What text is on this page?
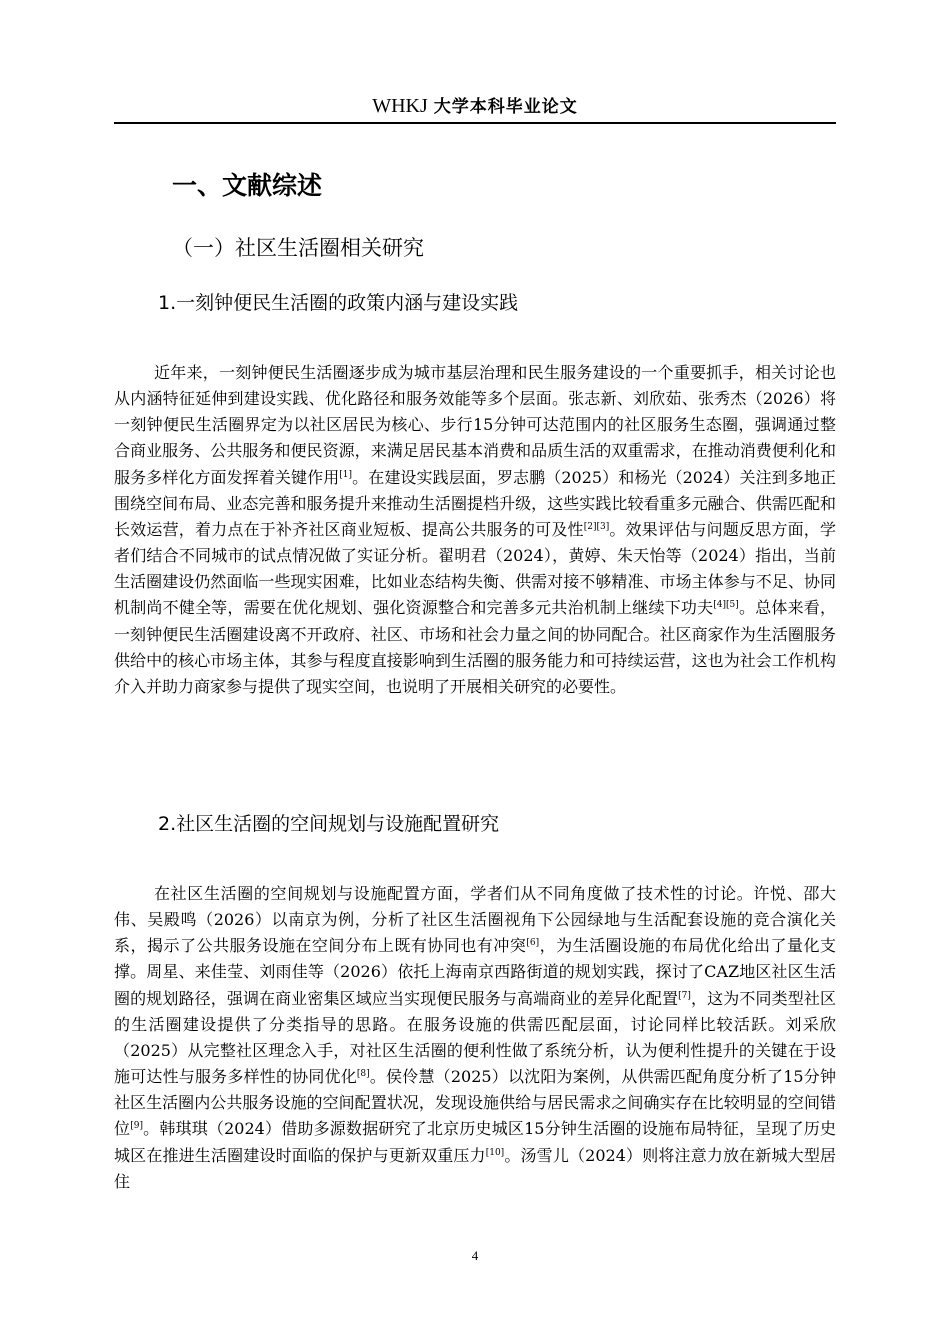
WHKJ 大学本科毕业论文
一、文献综述
（一）社区生活圈相关研究
1.一刻钟便民生活圈的政策内涵与建设实践

近年来，一刻钟便民生活圈逐步成为城市基层治理和民生服务建设的一个重要抓手，相关讨论也从内涵特征延伸到建设实践、优化路径和服务效能等多个层面。张志新、刘欣茹、张秀杰（2026）将一刻钟便民生活圈界定为以社区居民为核心、步行15分钟可达范围内的社区服务生态圈，强调通过整合商业服务、公共服务和便民资源，来满足居民基本消费和品质生活的双重需求，在推动消费便利化和服务多样化方面发挥着关键作用[1]。在建设实践层面，罗志鹏（2025）和杨光（2024）关注到多地正围绕空间布局、业态完善和服务提升来推动生活圈提档升级，这些实践比较看重多元融合、供需匹配和长效运营，着力点在于补齐社区商业短板、提高公共服务的可及性[2][3]。效果评估与问题反思方面，学者们结合不同城市的试点情况做了实证分析。翟明君（2024），黄婷、朱天怡等（2024）指出，当前生活圈建设仍然面临一些现实困难，比如业态结构失衡、供需对接不够精准、市场主体参与不足、协同机制尚不健全等，需要在优化规划、强化资源整合和完善多元共治机制上继续下功夫[4][5]。总体来看，一刻钟便民生活圈建设离不开政府、社区、市场和社会力量之间的协同配合。社区商家作为生活圈服务供给中的核心市场主体，其参与程度直接影响到生活圈的服务能力和可持续运营，这也为社会工作机构介入并助力商家参与提供了现实空间，也说明了开展相关研究的必要性。

2.社区生活圈的空间规划与设施配置研究

在社区生活圈的空间规划与设施配置方面，学者们从不同角度做了技术性的讨论。许悦、邵大伟、吴殿鸣（2026）以南京为例，分析了社区生活圈视角下公园绿地与生活配套设施的竞合演化关系，揭示了公共服务设施在空间分布上既有协同也有冲突[6]，为生活圈设施的布局优化给出了量化支撑。周星、来佳莹、刘雨佳等（2026）依托上海南京西路街道的规划实践，探讨了CAZ地区社区生活圈的规划路径，强调在商业密集区域应当实现便民服务与高端商业的差异化配置[7]，这为不同类型社区的生活圈建设提供了分类指导的思路。在服务设施的供需匹配层面，讨论同样比较活跃。刘采欣（2025）从完整社区理念入手，对社区生活圈的便利性做了系统分析，认为便利性提升的关键在于设施可达性与服务多样性的协同优化[8]。侯伶慧（2025）以沈阳为案例，从供需匹配角度分析了15分钟社区生活圈内公共服务设施的空间配置状况，发现设施供给与居民需求之间确实存在比较明显的空间错位[9]。韩琪琪（2024）借助多源数据研究了北京历史城区15分钟生活圈的设施布局特征，呈现了历史城区在推进生活圈建设时面临的保护与更新双重压力[10]。汤雪儿（2024）则将注意力放在新城大型居住

4
